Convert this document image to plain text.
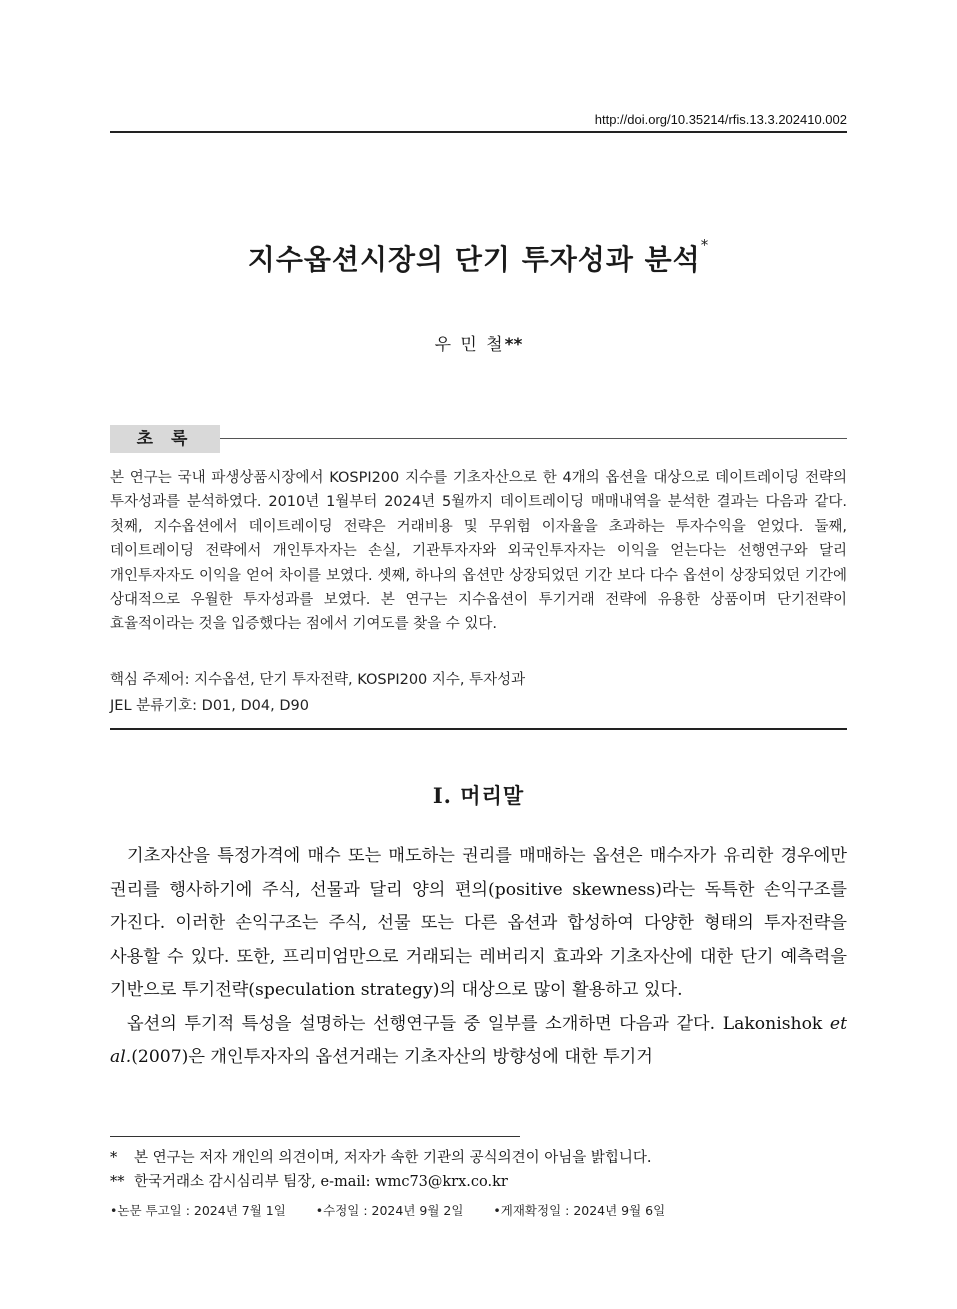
http://doi.org/10.35214/rfis.13.3.202410.002
지수옵션시장의 단기 투자성과 분석*
우 민 철**
초 록
본 연구는 국내 파생상품시장에서 KOSPI200 지수를 기초자산으로 한 4개의 옵션을 대상으로 데이트레이딩 전략의 투자성과를 분석하였다. 2010년 1월부터 2024년 5월까지 데이트레이딩 매매내역을 분석한 결과는 다음과 같다. 첫째, 지수옵션에서 데이트레이딩 전략은 거래비용 및 무위험 이자율을 초과하는 투자수익을 얻었다. 둘째, 데이트레이딩 전략에서 개인투자자는 손실, 기관투자자와 외국인투자자는 이익을 얻는다는 선행연구와 달리 개인투자자도 이익을 얻어 차이를 보였다. 셋째, 하나의 옵션만 상장되었던 기간 보다 다수 옵션이 상장되었던 기간에 상대적으로 우월한 투자성과를 보였다. 본 연구는 지수옵션이 투기거래 전략에 유용한 상품이며 단기전략이 효율적이라는 것을 입증했다는 점에서 기여도를 찾을 수 있다.
핵심 주제어: 지수옵션, 단기 투자전략, KOSPI200 지수, 투자성과
JEL 분류기호: D01, D04, D90
Ⅰ. 머리말

기초자산을 특정가격에 매수 또는 매도하는 권리를 매매하는 옵션은 매수자가 유리한 경우에만 권리를 행사하기에 주식, 선물과 달리 양의 편의(positive skewness)라는 독특한 손익구조를 가진다. 이러한 손익구조는 주식, 선물 또는 다른 옵션과 합성하여 다양한 형태의 투자전략을 사용할 수 있다. 또한, 프리미엄만으로 거래되는 레버리지 효과와 기초자산에 대한 단기 예측력을 기반으로 투기전략(speculation strategy)의 대상으로 많이 활용하고 있다.

옵션의 투기적 특성을 설명하는 선행연구들 중 일부를 소개하면 다음과 같다. Lakonishok et al.(2007)은 개인투자자의 옵션거래는 기초자산의 방향성에 대한 투기거

* 본 연구는 저자 개인의 의견이며, 저자가 속한 기관의 공식의견이 아님을 밝힙니다.
** 한국거래소 감시심리부 팀장, e-mail: wmc73@krx.co.kr
•논문 투고일 : 2024년 7월 1일 •수정일 : 2024년 9월 2일 •게재확정일 : 2024년 9월 6일
